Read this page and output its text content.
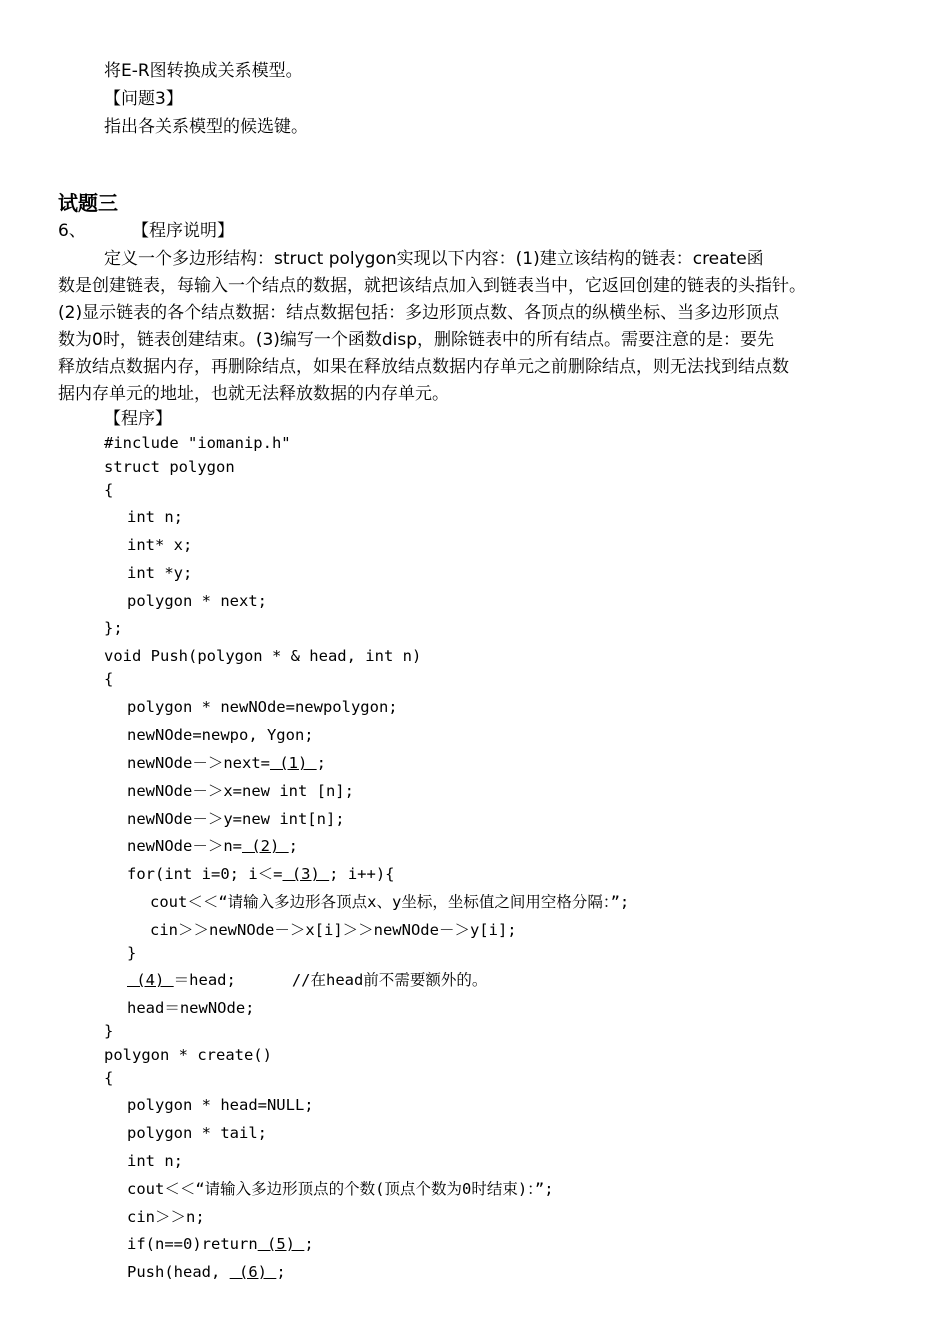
将E-R图转换成关系模型。
【问题3】
指出各关系模型的候选键。
试题三
6、	【程序说明】
定义一个多边形结构：struct polygon实现以下内容：(1)建立该结构的链表：create函
数是创建链表，每输入一个结点的数据，就把该结点加入到链表当中，它返回创建的链表的头指针。
(2)显示链表的各个结点数据：结点数据包括：多边形顶点数、各顶点的纵横坐标、当多边形顶点
数为0时，链表创建结束。(3)编写一个函数disp，删除链表中的所有结点。需要注意的是：要先
释放结点数据内存，再删除结点，如果在释放结点数据内存单元之前删除结点，则无法找到结点数
据内存单元的地址，也就无法释放数据的内存单元。
【程序】
#include "iomanip.h"
struct polygon
{
int n;
int* x;
int *y;
polygon * next;
};
void Push(polygon * & head, int n)
{
polygon * newNOde=newpolygon;
newNOde=newpo, Ygon;
newNOde－＞next= (1) ;
newNOde－＞x=new int [n];
newNOde－＞y=new int[n];
newNOde－＞n= (2) ;
for(int i=0; i＜= (3) ; i++){
cout＜＜“请输入多边形各顶点x、y坐标，坐标值之间用空格分隔：”;
cin＞＞newNOde－＞x[i]＞＞newNOde－＞y[i];
}
(4) ＝head;      //在head前不需要额外的。
head＝newNOde;
}
polygon * create()
{
polygon * head=NULL;
polygon * tail;
int n;
cout＜＜“请输入多边形顶点的个数(顶点个数为0时结束)：”;
cin＞＞n;
if(n==0)return (5) ;
Push(head,  (6) ;
